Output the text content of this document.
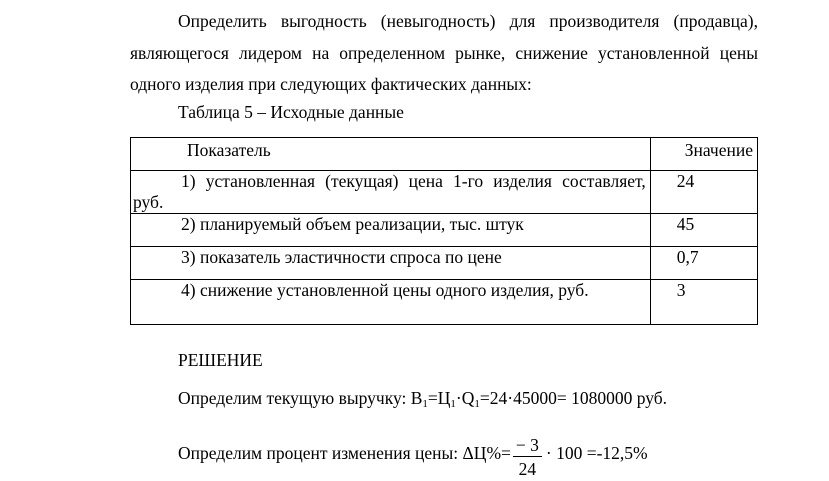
Определить выгодность (невыгодность) для производителя (продавца), являющегося лидером на определенном рынке, снижение установленной цены одного изделия при следующих фактических данных:
Таблица 5 – Исходные данные
Показатель	Значение
1) установленная (текущая) цена 1-го изделия составляет, руб.	24
2) планируемый объем реализации, тыс. штук	45
3) показатель эластичности спроса по цене	0,7
4) снижение установленной цены одного изделия, руб.	3
РЕШЕНИЕ
Определим текущую выручку: $В_1=Ц_1\cdot Q_1=24\cdot 45000= 1080000$ руб.
Определим процент изменения цены: $\Delta Ц\%= \frac{- 3}{24} \cdot 100 =-12,5\%$
